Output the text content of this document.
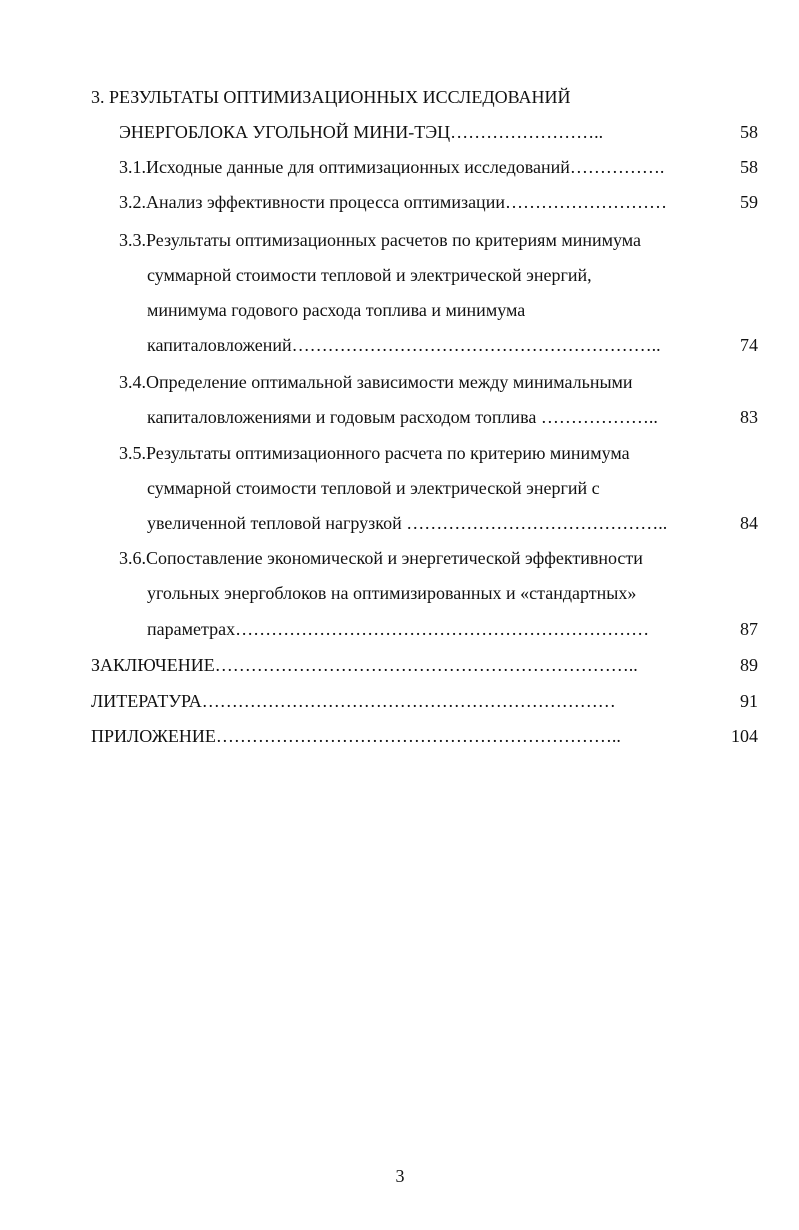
3. РЕЗУЛЬТАТЫ ОПТИМИЗАЦИОННЫХ ИССЛЕДОВАНИЙ
ЭНЕРГОБЛОКА УГОЛЬНОЙ МИНИ-ТЭЦ……………………..	58
3.1.Исходные данные для оптимизационных исследований…………….	58
3.2.Анализ эффективности процесса оптимизации………………………	59
3.3.Результаты оптимизационных расчетов по критериям минимума
суммарной стоимости тепловой и электрической энергий,
минимума годового расхода топлива и минимума
капиталовложений……………………………………………………..	74
3.4.Определение оптимальной зависимости между минимальными
капиталовложениями и годовым расходом топлива ………………..	83
3.5.Результаты оптимизационного расчета по критерию минимума
суммарной стоимости тепловой и электрической энергий с
увеличенной тепловой нагрузкой ……………………………………..	84
3.6.Сопоставление экономической и энергетической эффективности
угольных энергоблоков на оптимизированных и «стандартных»
параметрах……………………………………………………………	87
ЗАКЛЮЧЕНИЕ……………………………………………………………..	89
ЛИТЕРАТУРА……………………………………………………………	91
ПРИЛОЖЕНИЕ…………………………………………………………..	104
3
